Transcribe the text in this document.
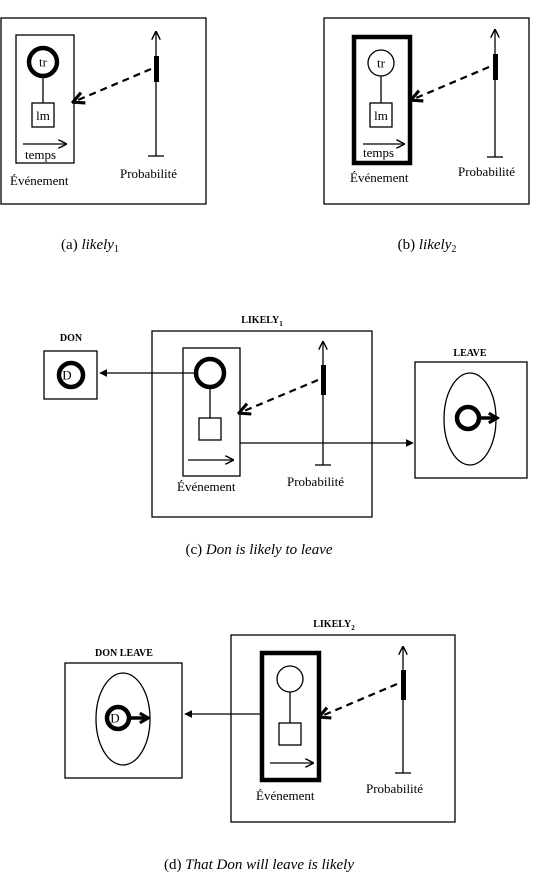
tr
lm
temps
Événement	Probabilité
(a) likely$_1$
tr
lm
temps
Événement	Probabilité
(b) likely$_2$
$LIKELY_1$
DON
D
Événement	Probabilité
LEAVE
(c) Don is likely to leave
$LIKELY_2$
DON LEAVE
D
Événement	Probabilité
(d) That Don will leave is likely
